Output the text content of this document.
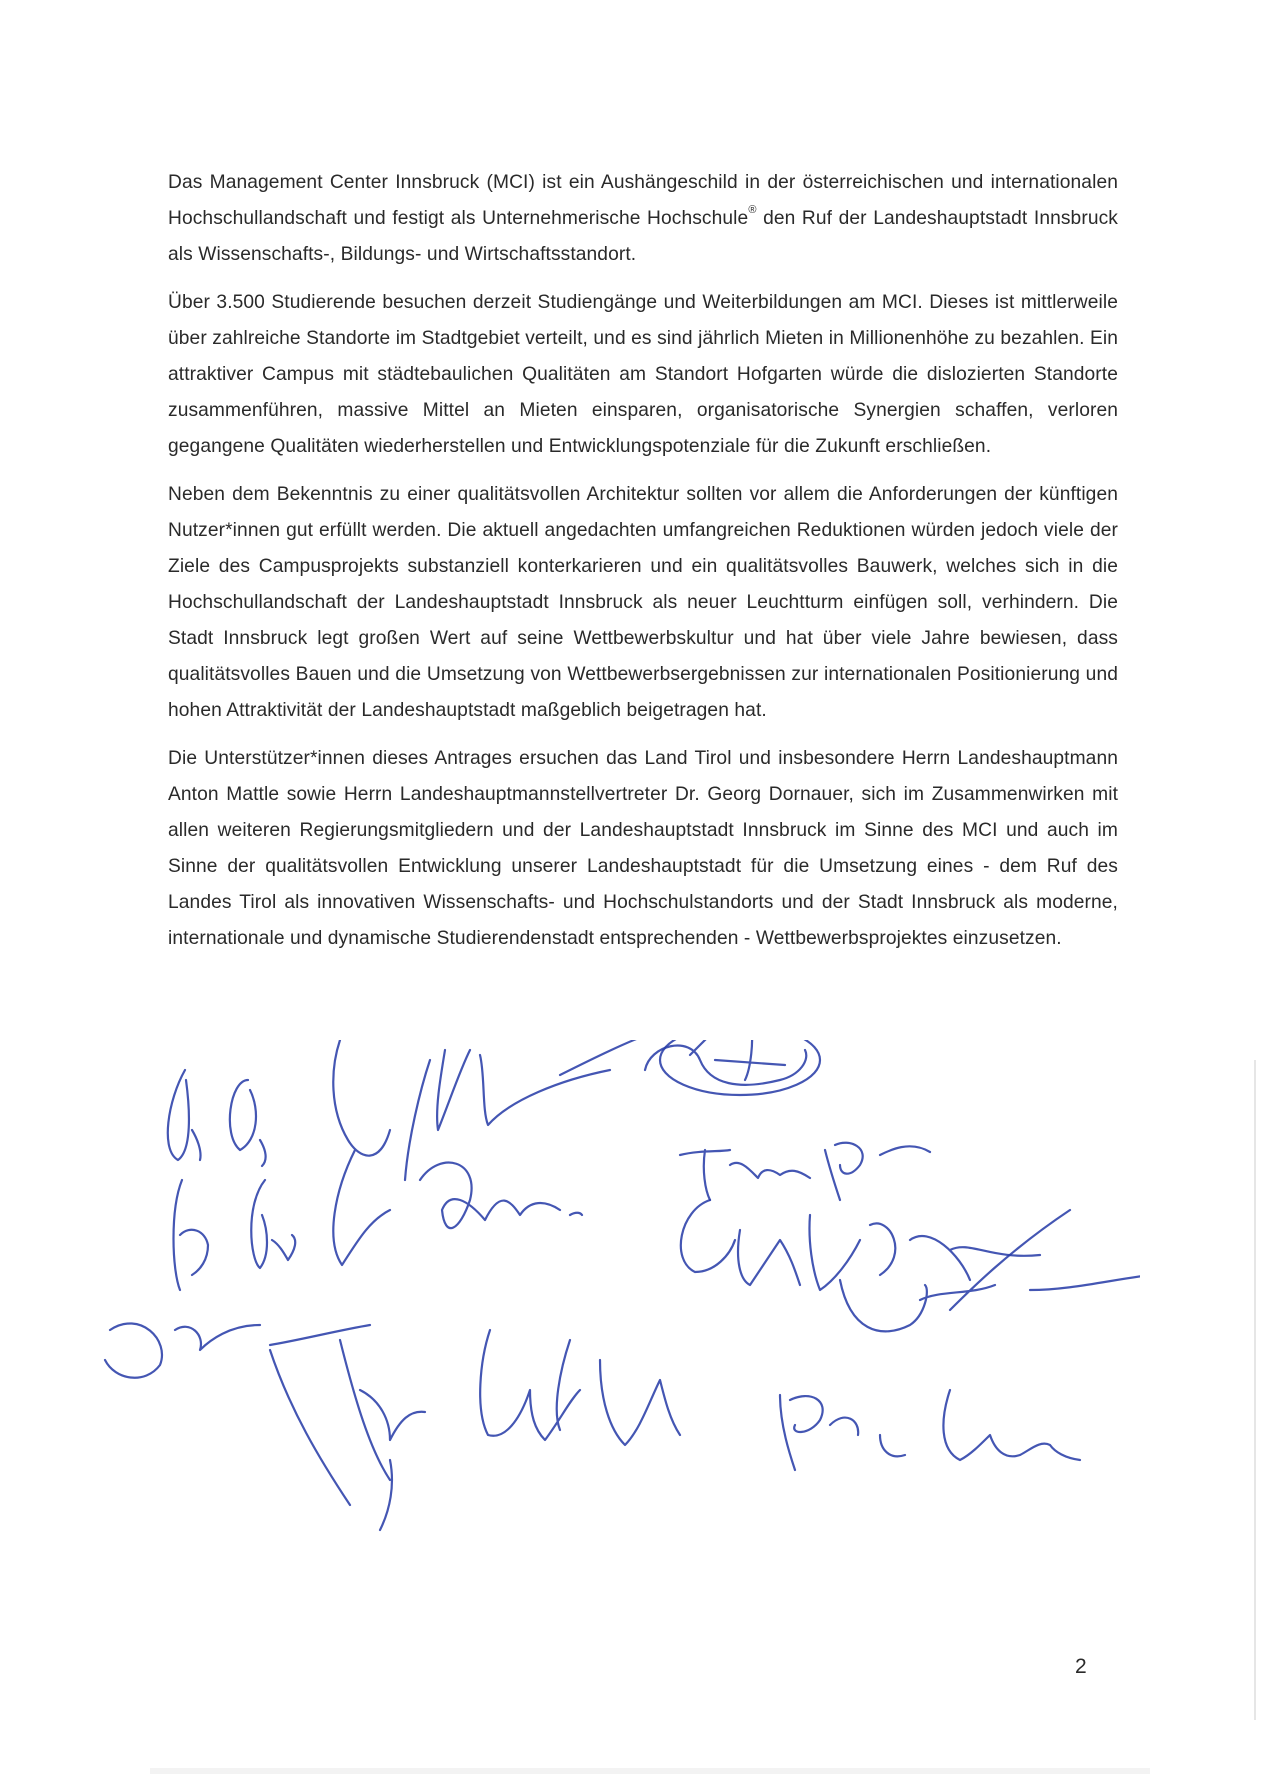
Das Management Center Innsbruck (MCI) ist ein Aushängeschild in der österreichischen und internationalen Hochschullandschaft und festigt als Unternehmerische Hochschule® den Ruf der Landeshauptstadt Innsbruck als Wissenschafts-, Bildungs- und Wirtschaftsstandort.

Über 3.500 Studierende besuchen derzeit Studiengänge und Weiterbildungen am MCI. Dieses ist mittlerweile über zahlreiche Standorte im Stadtgebiet verteilt, und es sind jährlich Mieten in Millionenhöhe zu bezahlen. Ein attraktiver Campus mit städtebaulichen Qualitäten am Standort Hofgarten würde die dislozierten Standorte zusammenführen, massive Mittel an Mieten einsparen, organisatorische Synergien schaffen, verloren gegangene Qualitäten wiederherstellen und Entwicklungspotenziale für die Zukunft erschließen.

Neben dem Bekenntnis zu einer qualitätsvollen Architektur sollten vor allem die Anforderungen der künftigen Nutzer*innen gut erfüllt werden. Die aktuell angedachten umfangreichen Reduktionen würden jedoch viele der Ziele des Campusprojekts substanziell konterkarieren und ein qualitätsvolles Bauwerk, welches sich in die Hochschullandschaft der Landeshauptstadt Innsbruck als neuer Leuchtturm einfügen soll, verhindern. Die Stadt Innsbruck legt großen Wert auf seine Wettbewerbskultur und hat über viele Jahre bewiesen, dass qualitätsvolles Bauen und die Umsetzung von Wettbewerbsergebnissen zur internationalen Positionierung und hohen Attraktivität der Landeshauptstadt maßgeblich beigetragen hat.

Die Unterstützer*innen dieses Antrages ersuchen das Land Tirol und insbesondere Herrn Landeshauptmann Anton Mattle sowie Herrn Landeshauptmannstellvertreter Dr. Georg Dornauer, sich im Zusammenwirken mit allen weiteren Regierungsmitgliedern und der Landeshauptstadt Innsbruck im Sinne des MCI und auch im Sinne der qualitätsvollen Entwicklung unserer Landeshauptstadt für die Umsetzung eines - dem Ruf des Landes Tirol als innovativen Wissenschafts- und Hochschulstandorts und der Stadt Innsbruck als moderne, internationale und dynamische Studierendenstadt entsprechenden - Wettbewerbsprojektes einzusetzen.

2
